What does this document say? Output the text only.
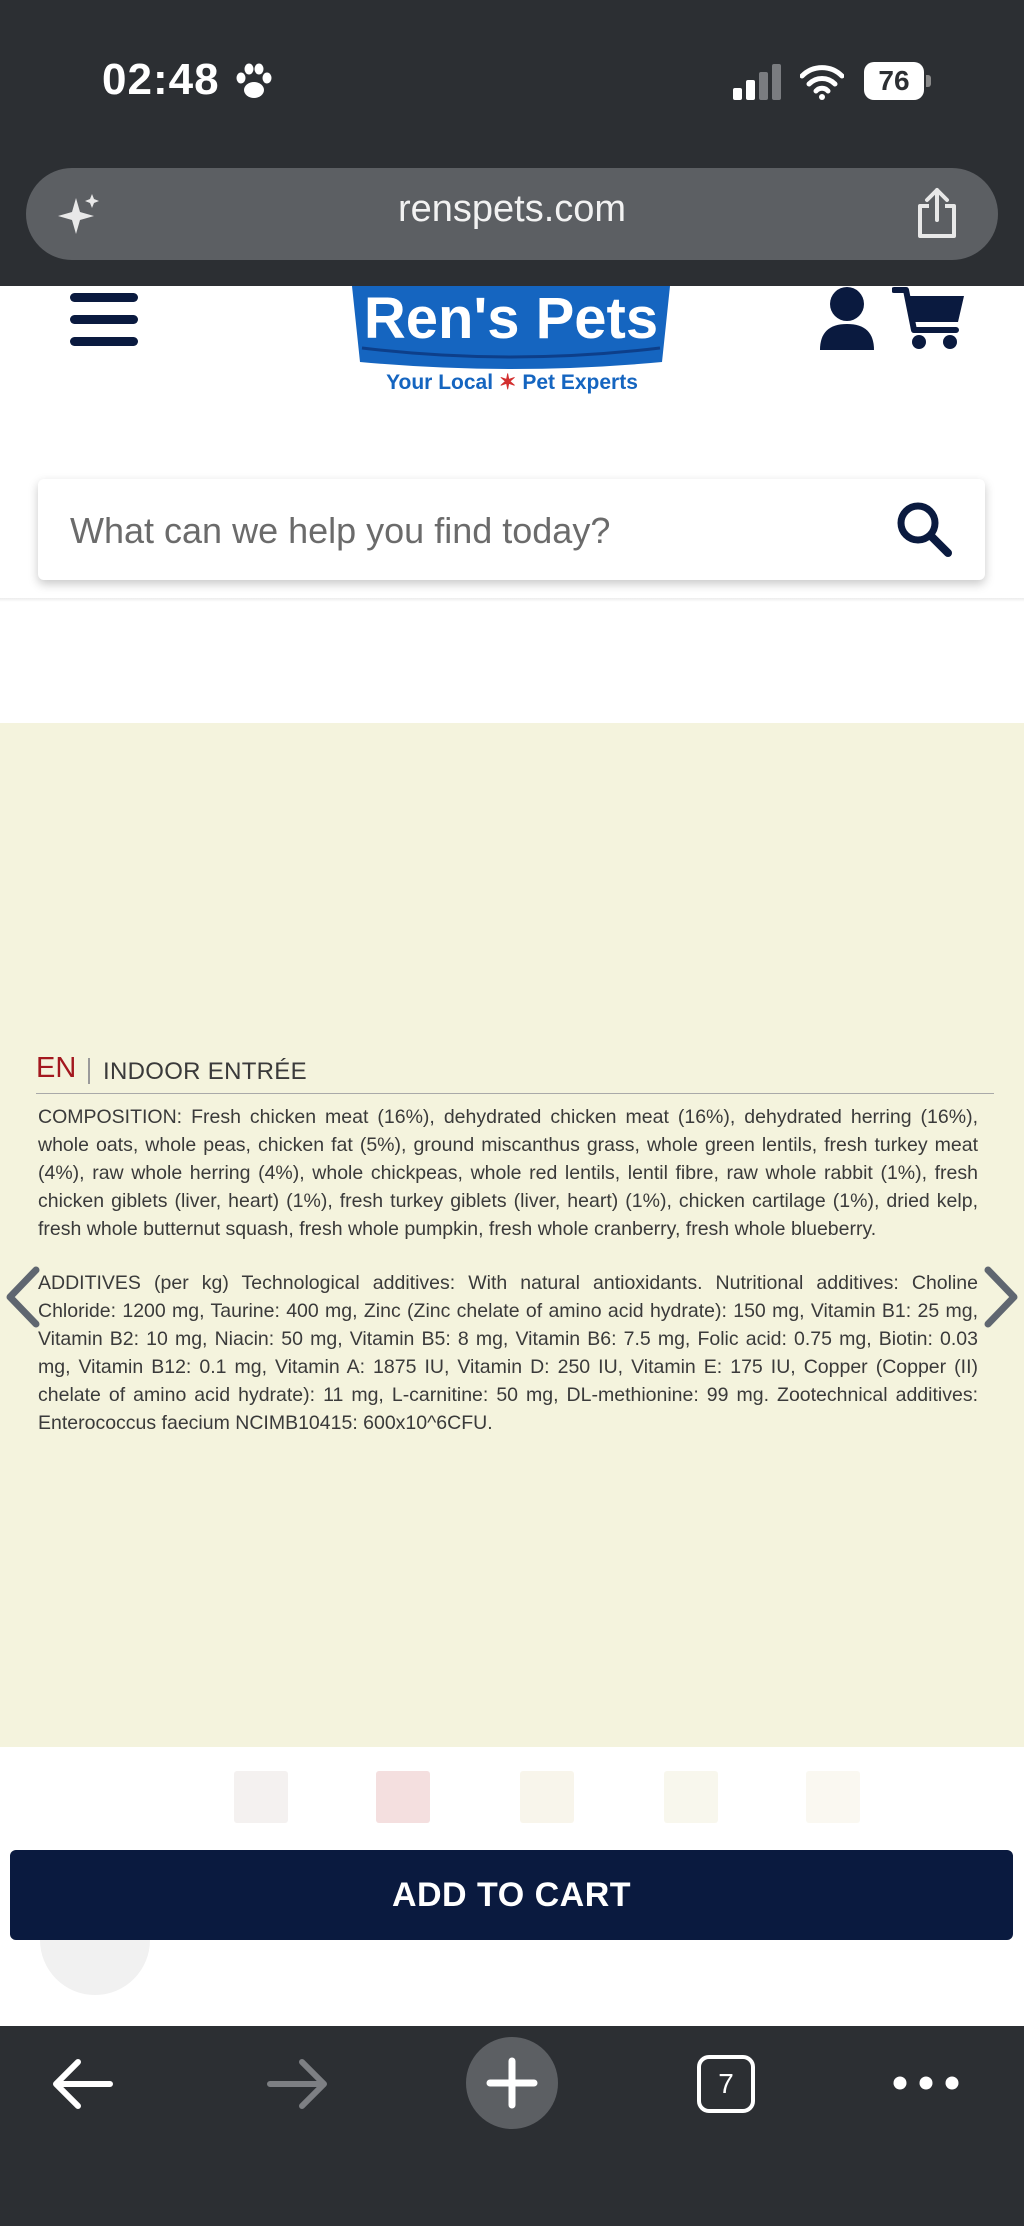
02:48	76
renspets.com
Ren's Pets
Your Local ✶ Pet Experts
What can we help you find today?
EN INDOOR ENTRÉE
COMPOSITION: Fresh chicken meat (16%), dehydrated chicken meat (16%), dehydrated herring (16%), whole oats, whole peas, chicken fat (5%), ground miscanthus grass, whole green lentils, fresh turkey meat (4%), raw whole herring (4%), whole chickpeas, whole red lentils, lentil fibre, raw whole rabbit (1%), fresh chicken giblets (liver, heart) (1%), fresh turkey giblets (liver, heart) (1%), chicken cartilage (1%), dried kelp, fresh whole butternut squash, fresh whole pumpkin, fresh whole cranberry, fresh whole blueberry.
ADDITIVES (per kg) Technological additives: With natural antioxidants. Nutritional additives: Choline Chloride: 1200 mg, Taurine: 400 mg, Zinc (Zinc chelate of amino acid hydrate): 150 mg, Vitamin B1: 25 mg, Vitamin B2: 10 mg, Niacin: 50 mg, Vitamin B5: 8 mg, Vitamin B6: 7.5 mg, Folic acid: 0.75 mg, Biotin: 0.03 mg, Vitamin B12: 0.1 mg, Vitamin A: 1875 IU, Vitamin D: 250 IU, Vitamin E: 175 IU, Copper (Copper (II) chelate of amino acid hydrate): 11 mg, L-carnitine: 50 mg, DL-methionine: 99 mg. Zootechnical additives: Enterococcus faecium NCIMB10415: 600x10^6CFU.
ADD TO CART
7
